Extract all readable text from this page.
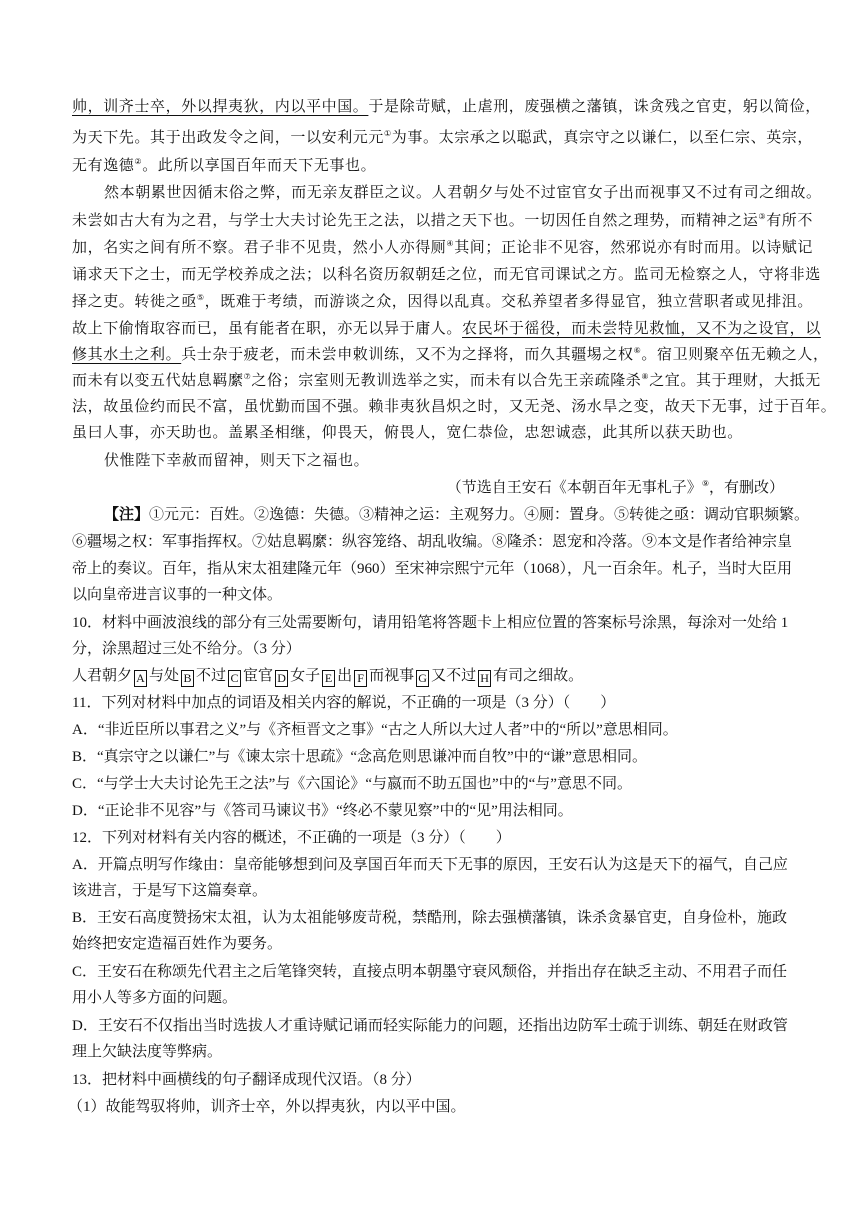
帅，训齐士卒，外以捍夷狄，内以平中国。于是除苛赋，止虐刑，废强横之藩镇，诛贪残之官吏，躬以简俭，
为天下先。其于出政发令之间，一以安利元元①为事。太宗承之以聪武，真宗守之以谦仁，以至仁宗、英宗，
无有逸德②。此所以享国百年而天下无事也。
然本朝累世因循末俗之弊，而无亲友群臣之议。人君朝夕与处不过宦官女子出而视事又不过有司之细故。
未尝如古大有为之君，与学士大夫讨论先王之法，以措之天下也。一切因任自然之理势，而精神之运③有所不
加，名实之间有所不察。君子非不见贵，然小人亦得厕④其间；正论非不见容，然邪说亦有时而用。以诗赋记
诵求天下之士，而无学校养成之法；以科名资历叙朝廷之位，而无官司课试之方。监司无检察之人，守将非选
择之吏。转徙之亟⑤，既难于考绩，而游谈之众，因得以乱真。交私养望者多得显官，独立营职者或见排沮。
故上下偷惰取容而已，虽有能者在职，亦无以异于庸人。农民坏于徭役，而未尝特见救恤，又不为之设官，以
修其水土之利。兵士杂于疲老，而未尝申敕训练，又不为之择将，而久其疆埸之权⑥。宿卫则聚卒伍无赖之人，
而未有以变五代姑息羁縻⑦之俗；宗室则无教训选举之实，而未有以合先王亲疏隆杀⑧之宜。其于理财，大抵无
法，故虽俭约而民不富，虽忧勤而国不强。赖非夷狄昌炽之时，又无尧、汤水旱之变，故天下无事，过于百年。
虽曰人事，亦天助也。盖累圣相继，仰畏天，俯畏人，宽仁恭俭，忠恕诚悫，此其所以获天助也。
伏惟陛下幸赦而留神，则天下之福也。
（节选自王安石《本朝百年无事札子》⑨，有删改）
【注】①元元：百姓。②逸德：失德。③精神之运：主观努力。④厕：置身。⑤转徙之亟：调动官职频繁。
⑥疆埸之权：军事指挥权。⑦姑息羁縻：纵容笼络、胡乱收编。⑧隆杀：恩宠和冷落。⑨本文是作者给神宗皇
帝上的奏议。百年，指从宋太祖建隆元年（960）至宋神宗熙宁元年（1068），凡一百余年。札子，当时大臣用
以向皇帝进言议事的一种文体。
10．材料中画波浪线的部分有三处需要断句，请用铅笔将答题卡上相应位置的答案标号涂黑，每涂对一处给 1
分，涂黑超过三处不给分。（3 分）
人君朝夕 A 与处 B 不过 C 宦官 D 女子 E 出 F 而视事 G 又不过 H 有司之细故。
11．下列对材料中加点的词语及相关内容的解说，不正确的一项是（3 分）（　　）
A．“非近臣所以事君之义”与《齐桓晋文之事》“古之人所以大过人者”中的“所以”意思相同。
B．“真宗守之以谦仁”与《谏太宗十思疏》“念高危则思谦冲而自牧”中的“谦”意思相同。
C．“与学士大夫讨论先王之法”与《六国论》“与嬴而不助五国也”中的“与”意思不同。
D．“正论非不见容”与《答司马谏议书》“终必不蒙见察”中的“见”用法相同。
12．下列对材料有关内容的概述，不正确的一项是（3 分）（　　）
A．开篇点明写作缘由：皇帝能够想到问及享国百年而天下无事的原因，王安石认为这是天下的福气，自己应
该进言，于是写下这篇奏章。
B．王安石高度赞扬宋太祖，认为太祖能够废苛税，禁酷刑，除去强横藩镇，诛杀贪暴官吏，自身俭朴，施政
始终把安定造福百姓作为要务。
C．王安石在称颂先代君主之后笔锋突转，直接点明本朝墨守衰风颓俗，并指出存在缺乏主动、不用君子而任
用小人等多方面的问题。
D．王安石不仅指出当时选拔人才重诗赋记诵而轻实际能力的问题，还指出边防军士疏于训练、朝廷在财政管
理上欠缺法度等弊病。
13．把材料中画横线的句子翻译成现代汉语。（8 分）
（1）故能驾驭将帅，训齐士卒，外以捍夷狄，内以平中国。
